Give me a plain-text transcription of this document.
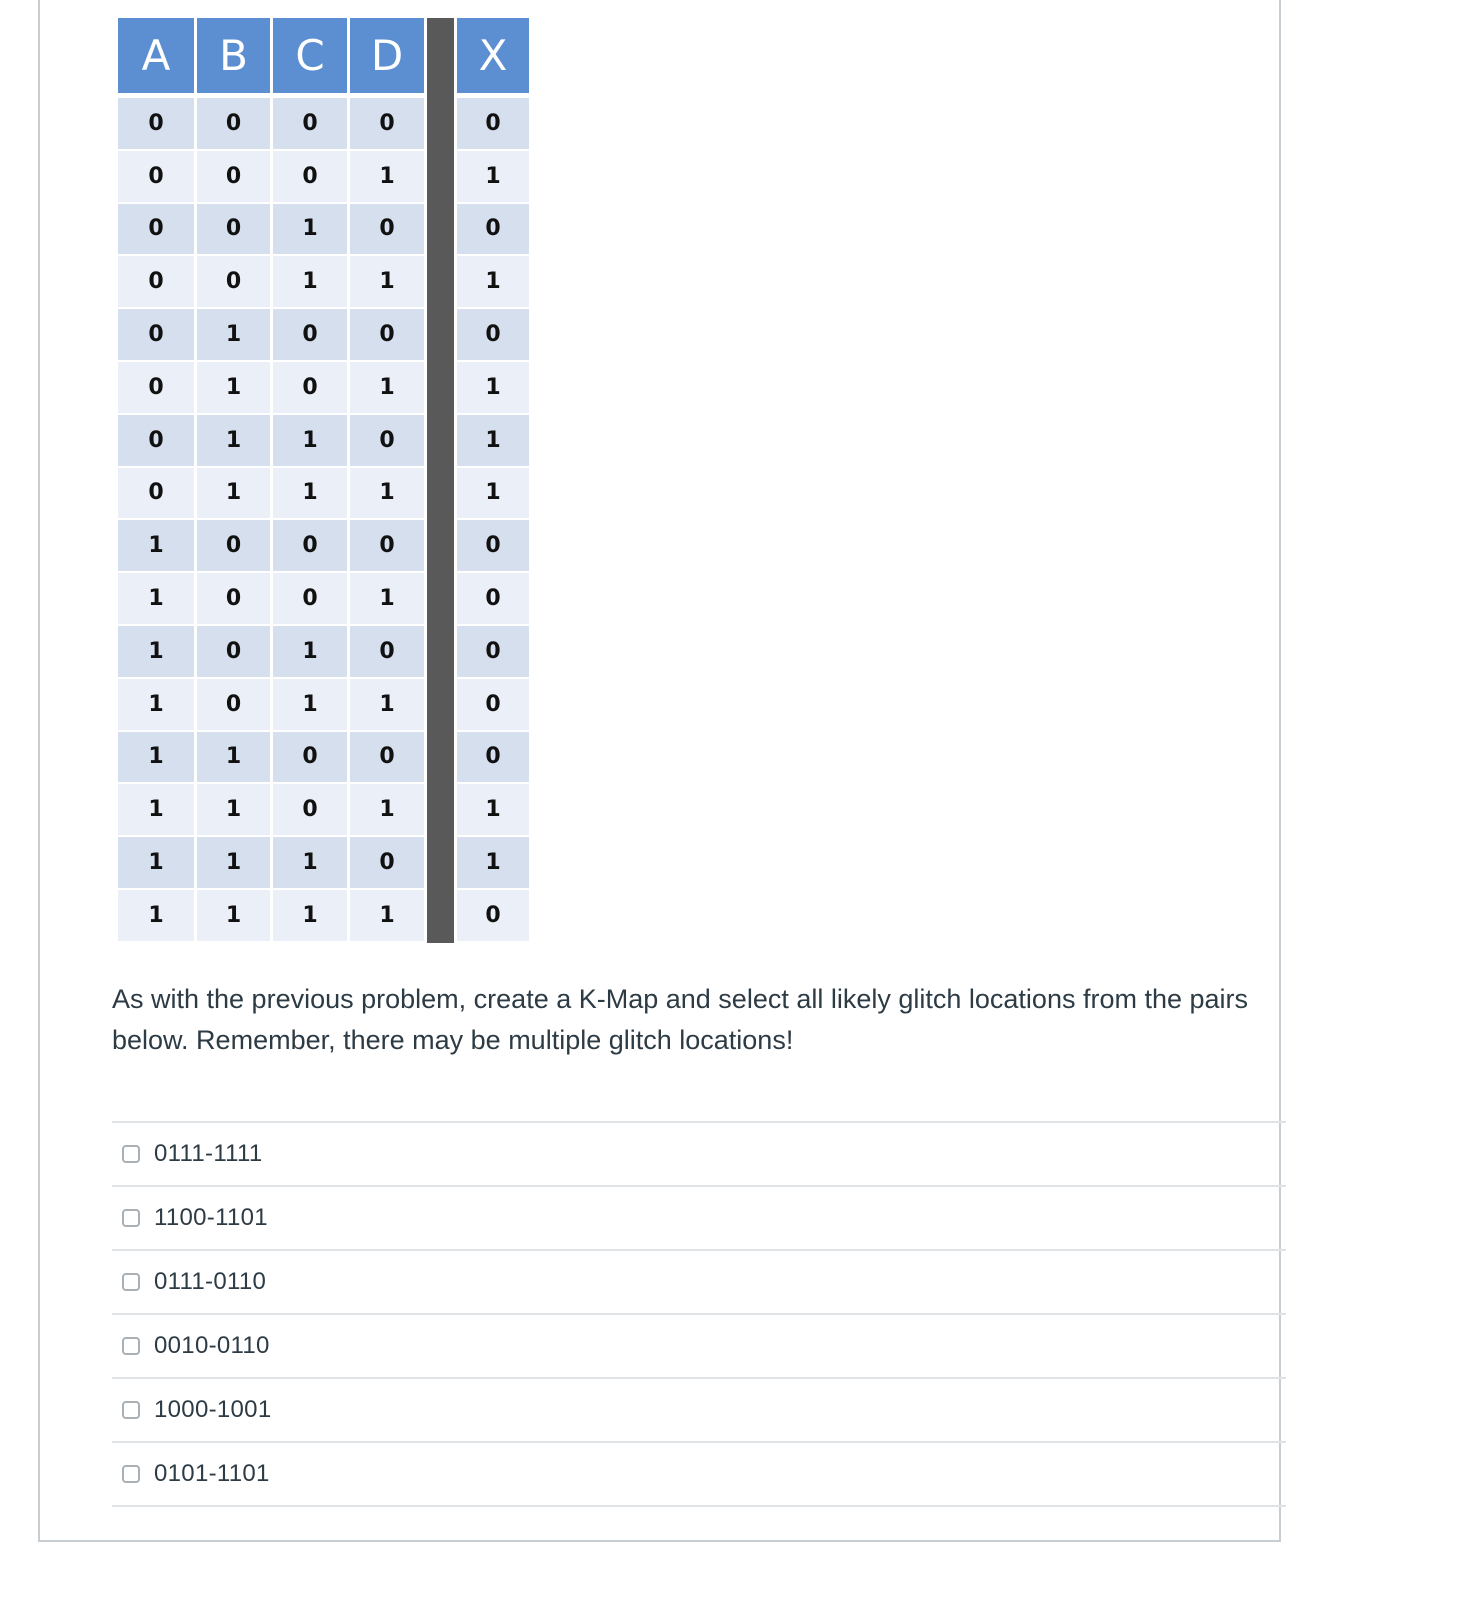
A	B	C	D		X
0	0	0	0		0
0	0	0	1		1
0	0	1	0		0
0	0	1	1		1
0	1	0	0		0
0	1	0	1		1
0	1	1	0		1
0	1	1	1		1
1	0	0	0		0
1	0	0	1		0
1	0	1	0		0
1	0	1	1		0
1	1	0	0		0
1	1	0	1		1
1	1	1	0		1
1	1	1	1		0

As with the previous problem, create a K-Map and select all likely glitch locations from the pairs below. Remember, there may be multiple glitch locations!

0111-1111
1100-1101
0111-0110
0010-0110
1000-1001
0101-1101
